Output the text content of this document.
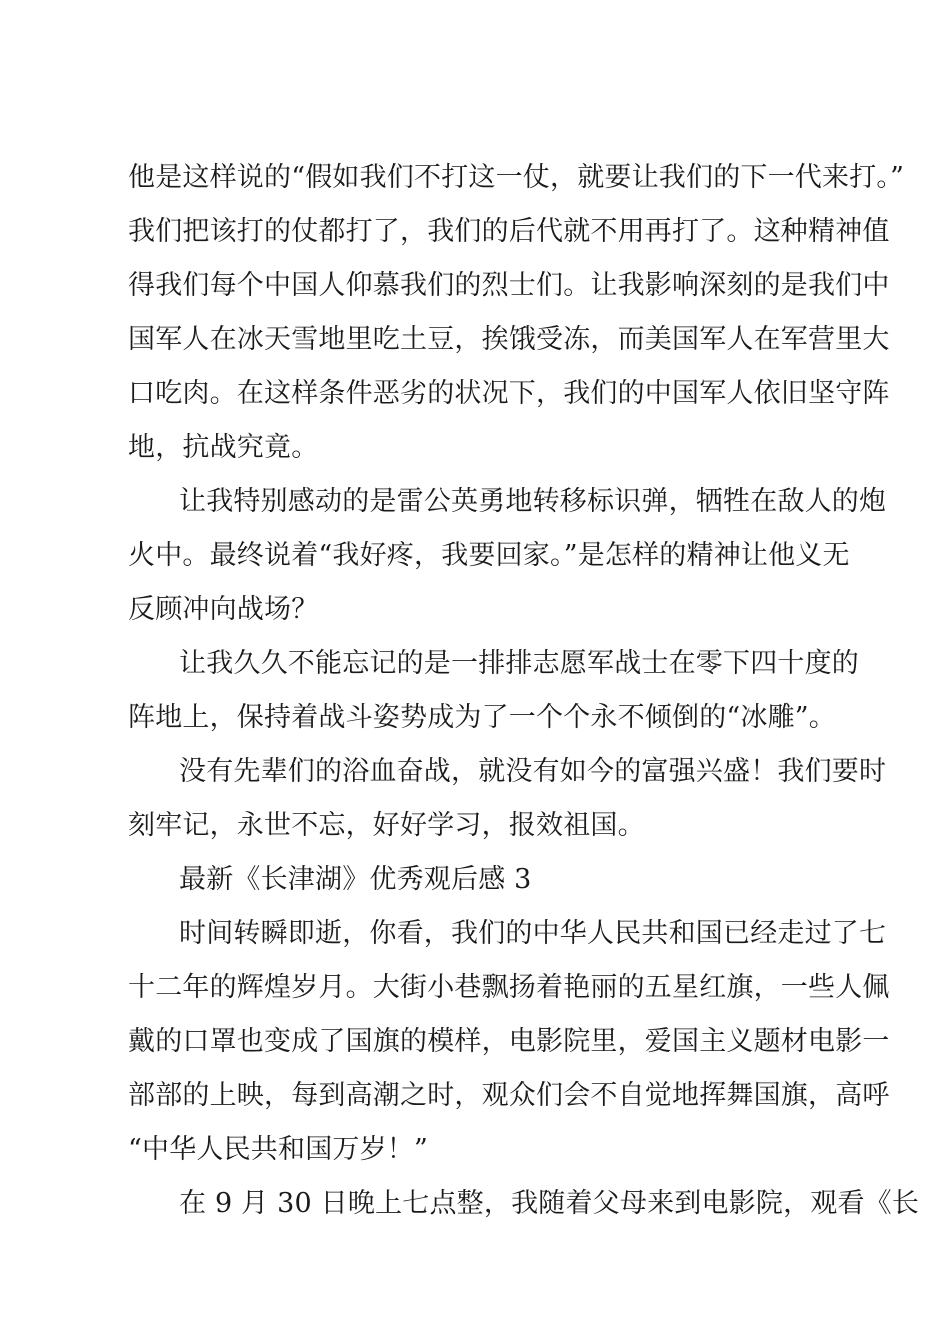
他是这样说的“假如我们不打这一仗，就要让我们的下一代来打。”
我们把该打的仗都打了，我们的后代就不用再打了。这种精神值
得我们每个中国人仰慕我们的烈士们。让我影响深刻的是我们中
国军人在冰天雪地里吃土豆，挨饿受冻，而美国军人在军营里大
口吃肉。在这样条件恶劣的状况下，我们的中国军人依旧坚守阵
地，抗战究竟。
让我特别感动的是雷公英勇地转移标识弹，牺牲在敌人的炮
火中。最终说着“我好疼，我要回家。”是怎样的精神让他义无
反顾冲向战场？
让我久久不能忘记的是一排排志愿军战士在零下四十度的
阵地上，保持着战斗姿势成为了一个个永不倾倒的“冰雕”。
没有先辈们的浴血奋战，就没有如今的富强兴盛！我们要时
刻牢记，永世不忘，好好学习，报效祖国。
最新《长津湖》优秀观后感 3
时间转瞬即逝，你看，我们的中华人民共和国已经走过了七
十二年的辉煌岁月。大街小巷飘扬着艳丽的五星红旗，一些人佩
戴的口罩也变成了国旗的模样，电影院里，爱国主义题材电影一
部部的上映，每到高潮之时，观众们会不自觉地挥舞国旗，高呼
“中华人民共和国万岁！”
在 9 月 30 日晚上七点整，我随着父母来到电影院，观看《长
